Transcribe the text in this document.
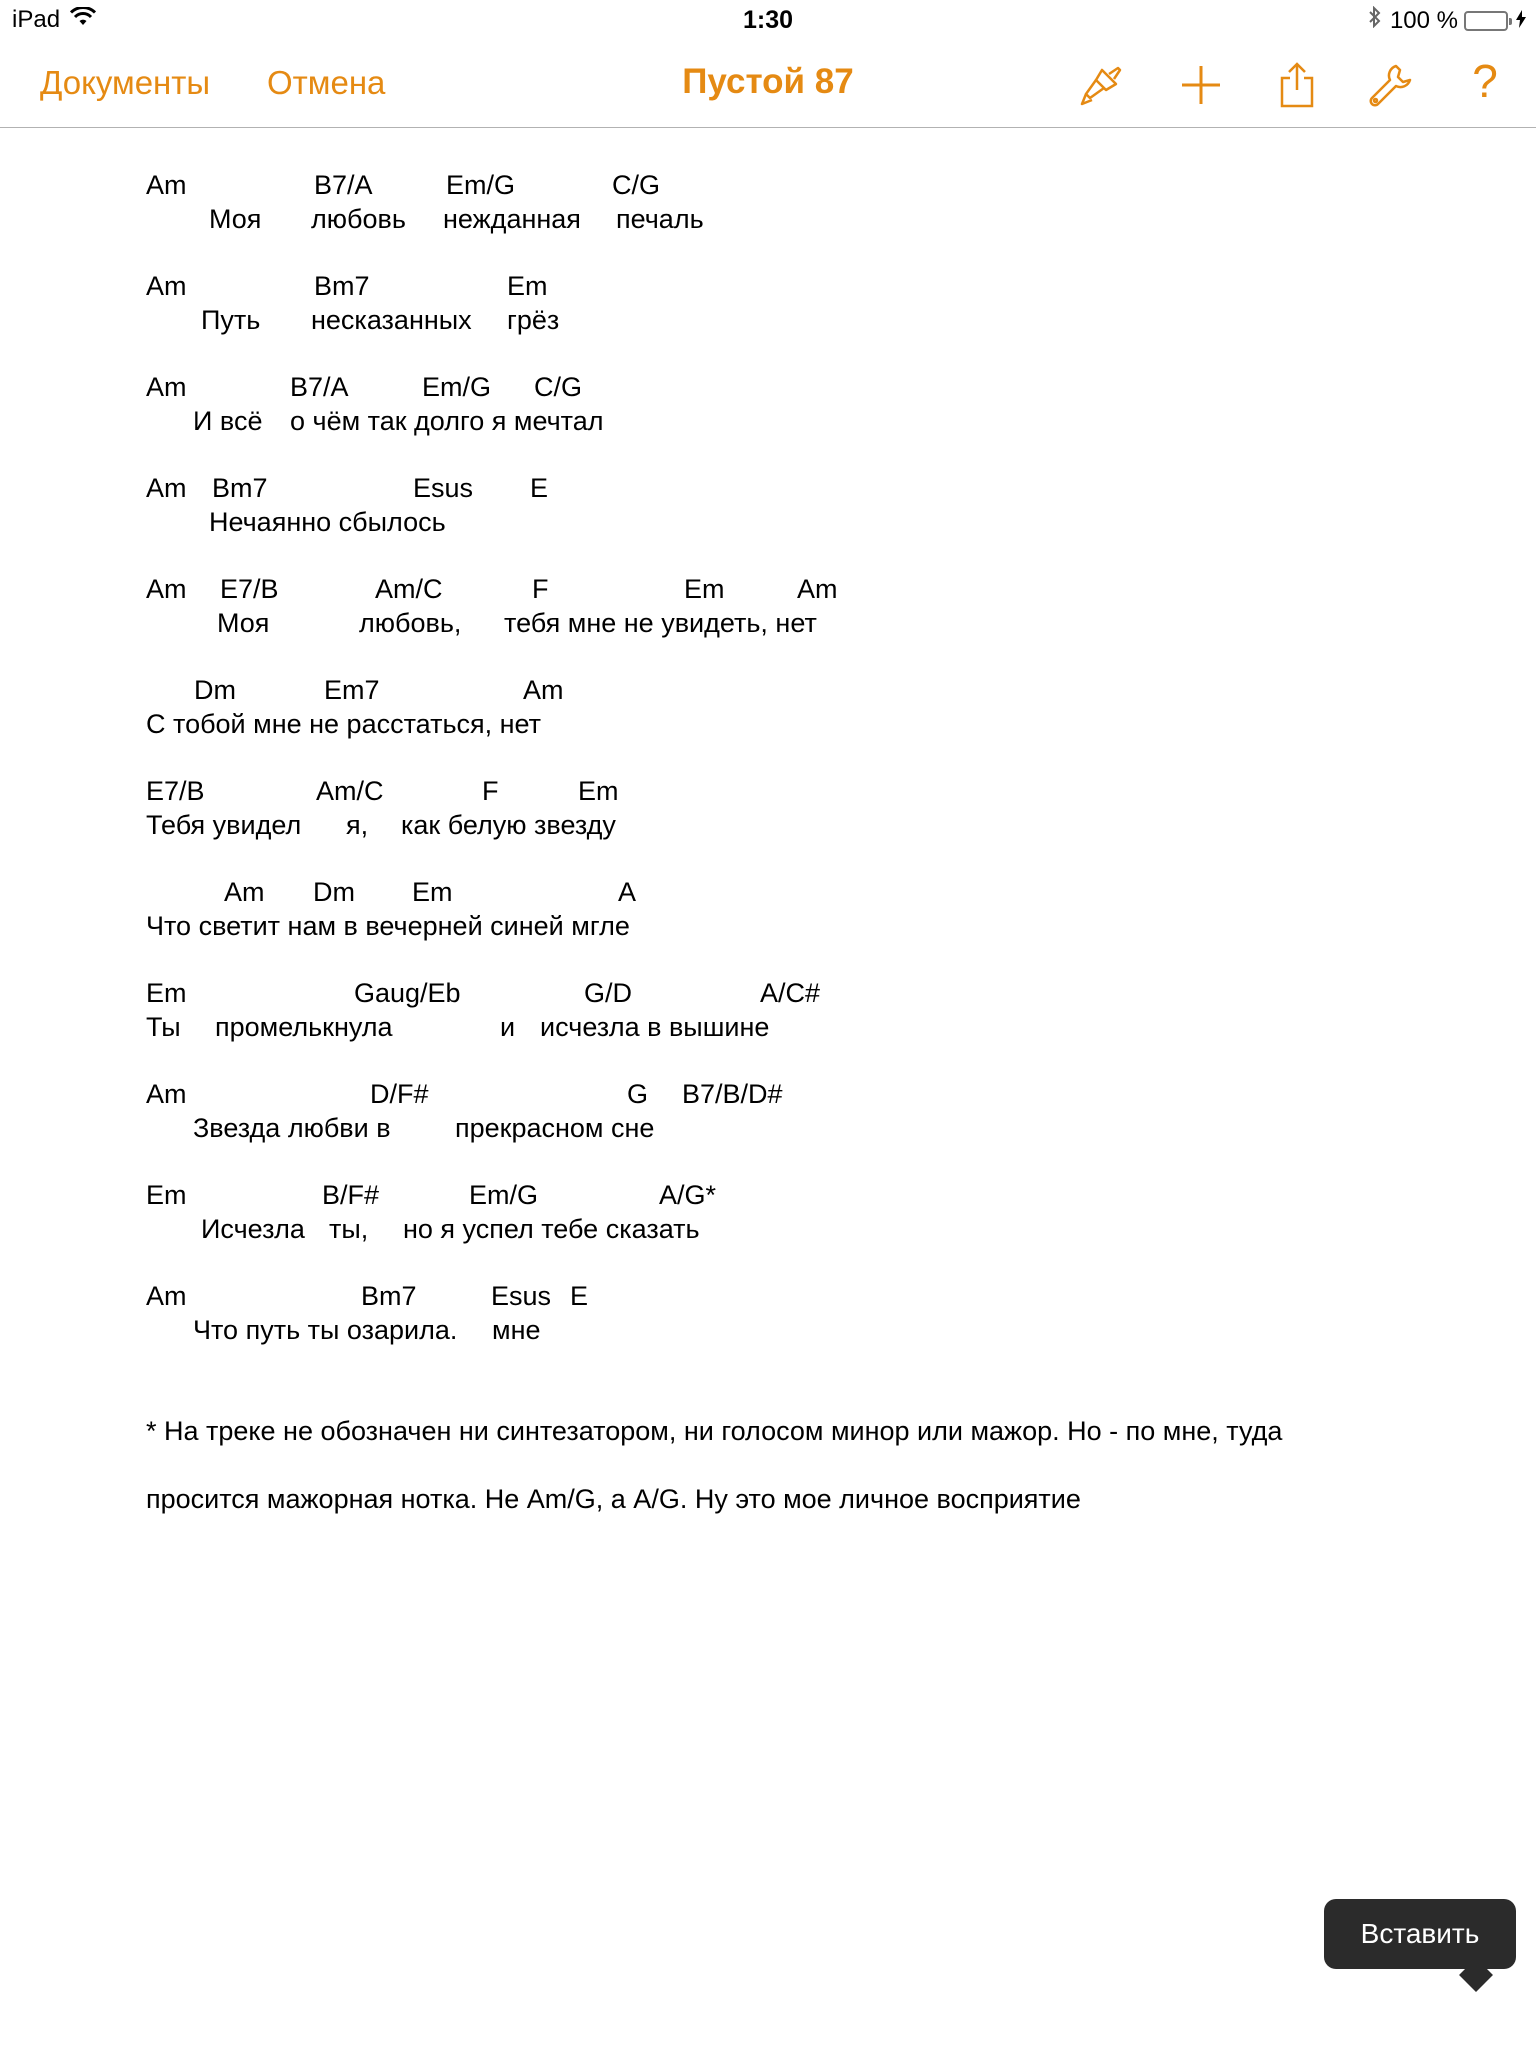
iPad	1:30	100 %
Документы Отмена	Пустой 87	?

Am

	B7/A

	Em/G

	C/G

Моя

любовь

нежданная

печаль

Am

	Bm7

	Em

Путь

несказанных

грёз

Am

	B7/A

	Em/G

C/G

И всё

о чём так долго я мечтал

Am

Bm7

	Esus

E

Нечаянно сбылось

Am

E7/B

	Am/C

	F

	Em

	Am

Моя

	любовь,

тебя мне не увидеть, нет

Dm

	Em7

	Am

С тобой мне не расстаться, нет

E7/B

	Am/C

	F

	Em

Тебя увидел

я,

как белую звезду

Am

Dm

Em

	A

Что светит нам в вечерней синей мгле

Em

	Gaug/Eb

	G/D

	A/C#

Ты

промелькнула

	и

исчезла в вышине

Am

	D/F#

	G

B7/B/D#

Звезда любви в

прекрасном сне

Em

	B/F#

	Em/G

	A/G*

Исчезла

ты,

но я успел тебе сказать

Am

	Bm7

	Esus

E

Что путь ты озарила.

мне

* На треке не обозначен ни синтезатором, ни голосом минор или мажор. Но - по мне, туда

просится мажорная нотка. Не Am/G, а A/G. Ну это мое личное восприятие

Вставить
